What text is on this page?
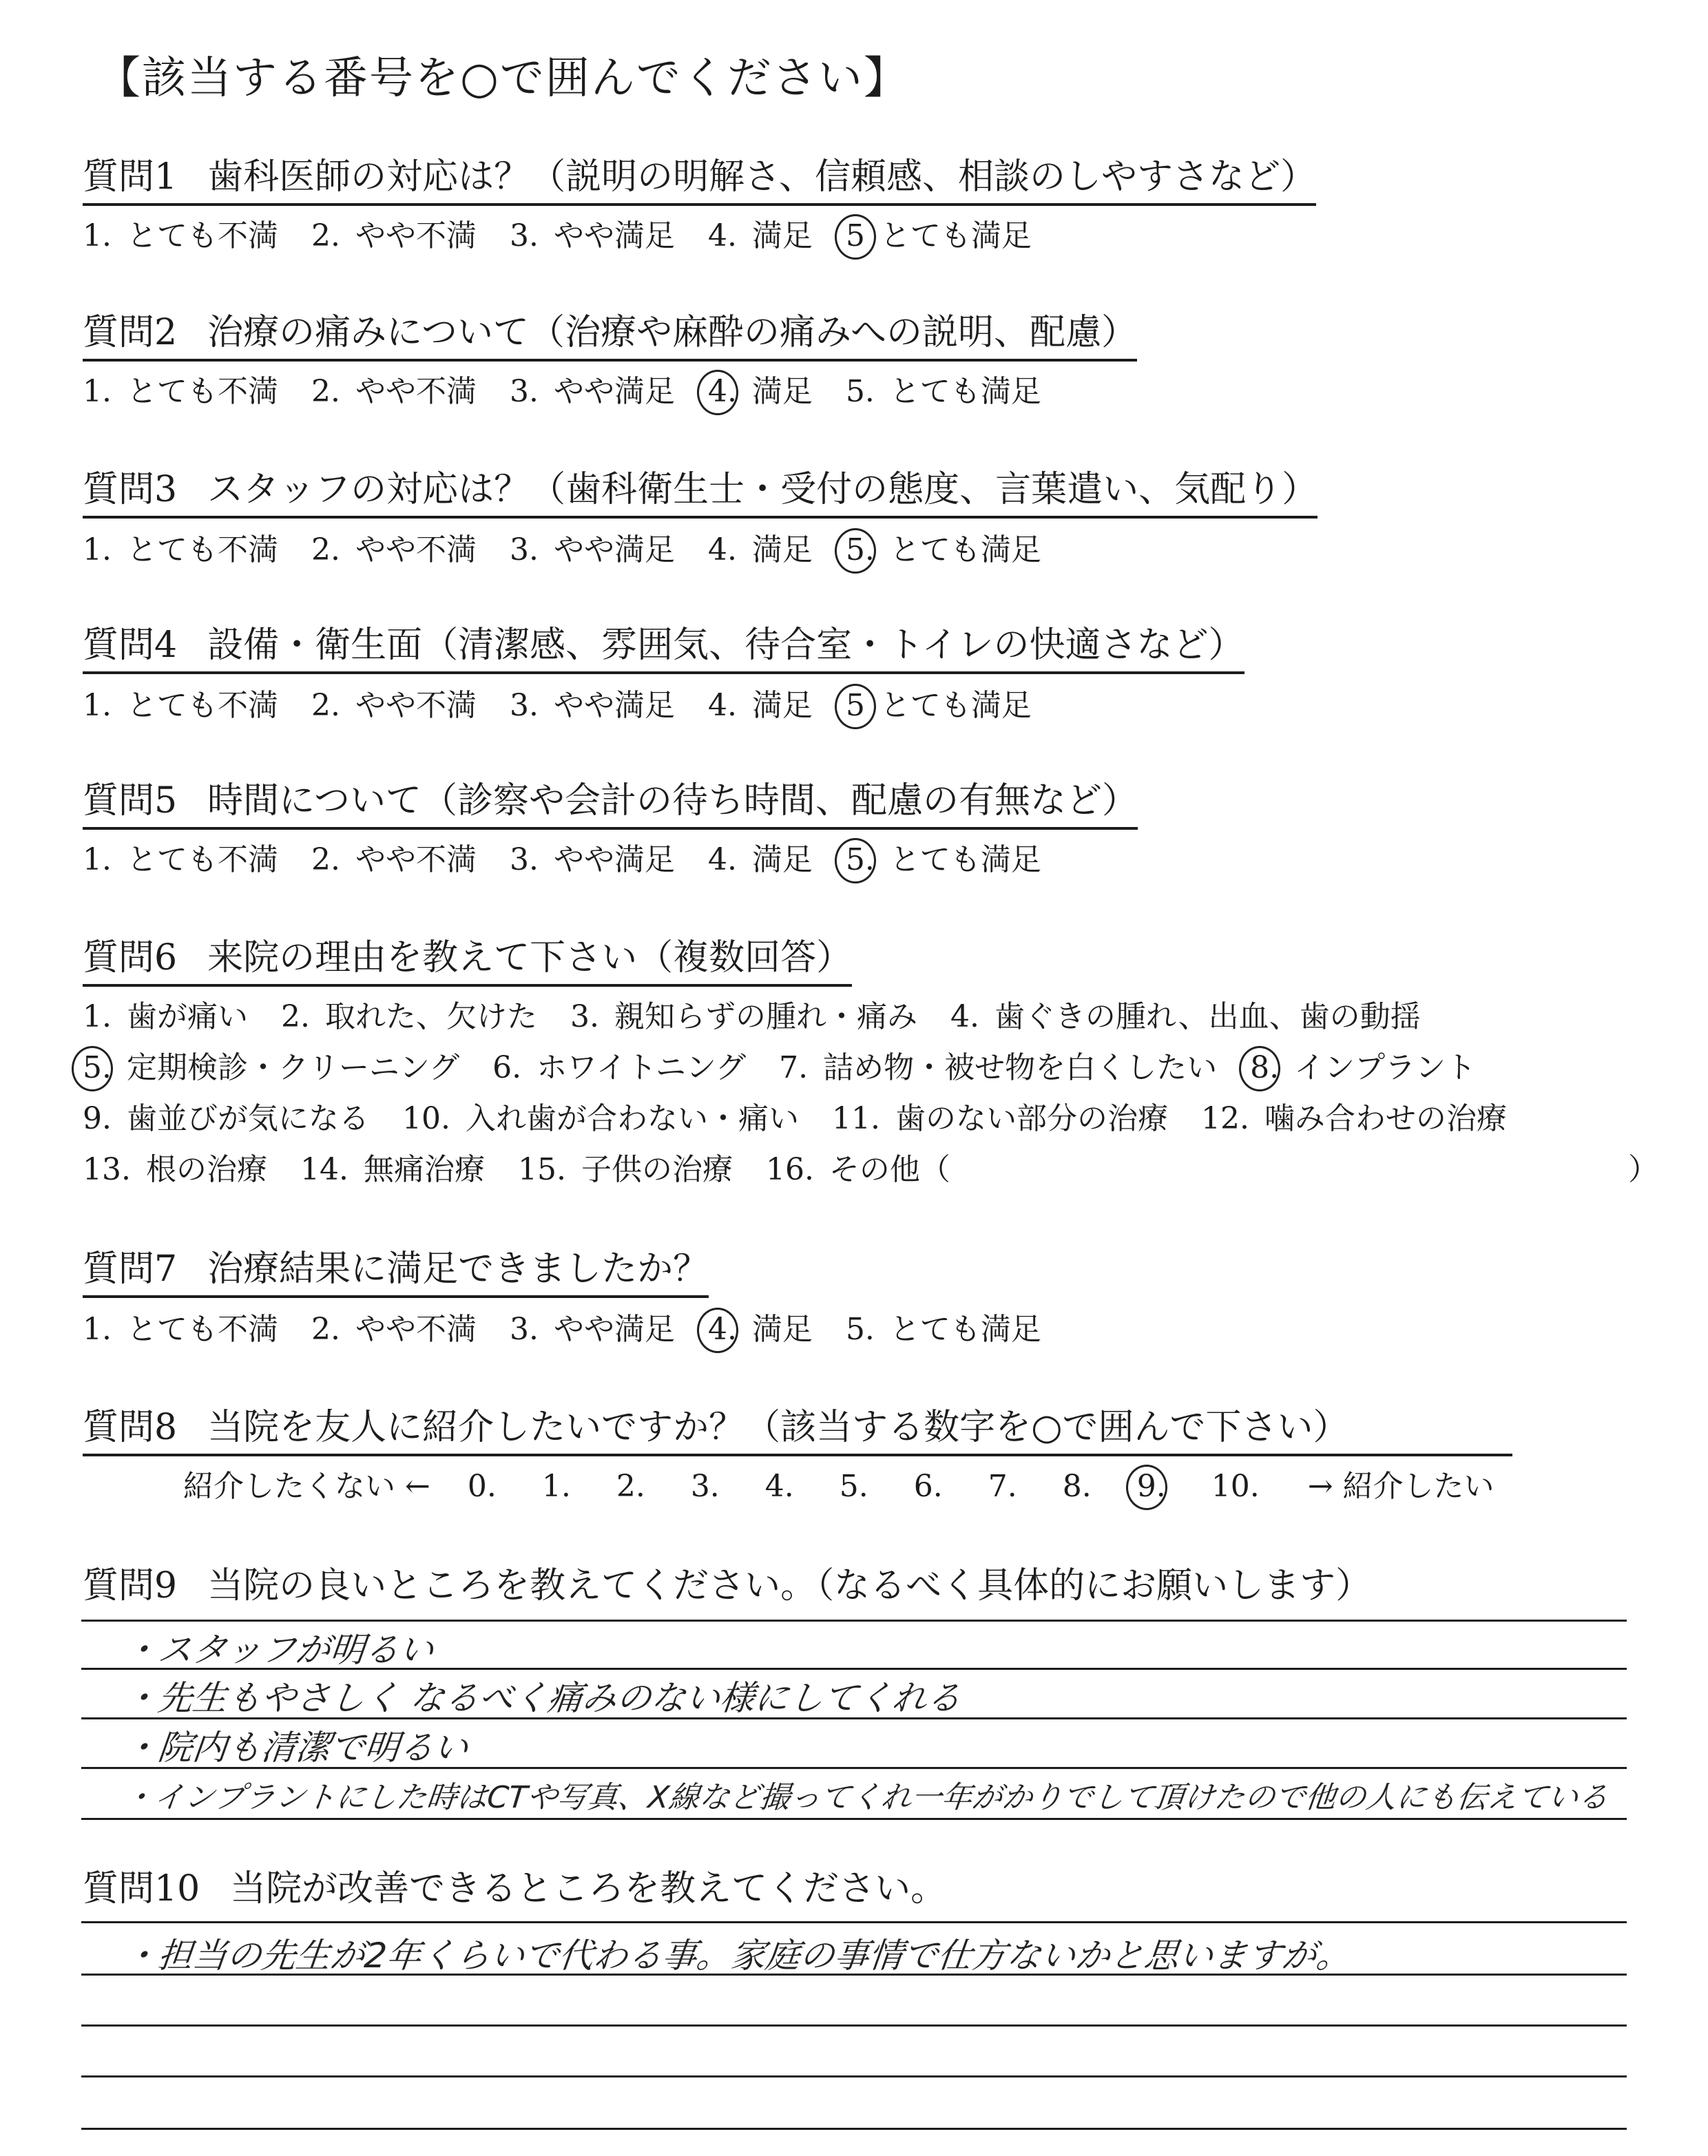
【該当する番号を○で囲んでください】
質問1 歯科医師の対応は？（説明の明解さ、信頼感、相談のしやすさなど）
1. とても不満 2. やや不満 3. やや満足 4. 満足 5 とても満足
質問2 治療の痛みについて（治療や麻酔の痛みへの説明、配慮）
1. とても不満 2. やや不満 3. やや満足 4. 満足 5. とても満足
質問3 スタッフの対応は？（歯科衛生士・受付の態度、言葉遣い、気配り）
1. とても不満 2. やや不満 3. やや満足 4. 満足 5. とても満足
質問4 設備・衛生面（清潔感、雰囲気、待合室・トイレの快適さなど）
1. とても不満 2. やや不満 3. やや満足 4. 満足 5 とても満足
質問5 時間について（診察や会計の待ち時間、配慮の有無など）
1. とても不満 2. やや不満 3. やや満足 4. 満足 5. とても満足
質問6 来院の理由を教えて下さい（複数回答）
1. 歯が痛い 2. 取れた、欠けた 3. 親知らずの腫れ・痛み 4. 歯ぐきの腫れ、出血、歯の動揺
5. 定期検診・クリーニング 6. ホワイトニング 7. 詰め物・被せ物を白くしたい 8. インプラント
9. 歯並びが気になる 10. 入れ歯が合わない・痛い 11. 歯のない部分の治療 12. 噛み合わせの治療
13. 根の治療 14. 無痛治療 15. 子供の治療 16. その他（	）
質問7 治療結果に満足できましたか？
1. とても不満 2. やや不満 3. やや満足 4. 満足 5. とても満足
質問8 当院を友人に紹介したいですか？（該当する数字を○で囲んで下さい）
紹介したくない ← 0. 1. 2. 3. 4. 5. 6. 7. 8. 9. 10. → 紹介したい
質問9 当院の良いところを教えてください。（なるべく具体的にお願いします）
・スタッフが明るい
・先生もやさしく なるべく痛みのない様にしてくれる
・院内も清潔で明るい
・インプラントにした時はCTや写真、X線など撮ってくれ一年がかりでして頂けたので他の人にも伝えている
質問10 当院が改善できるところを教えてください。
・担当の先生が2年くらいで代わる事。家庭の事情で仕方ないかと思いますが。
